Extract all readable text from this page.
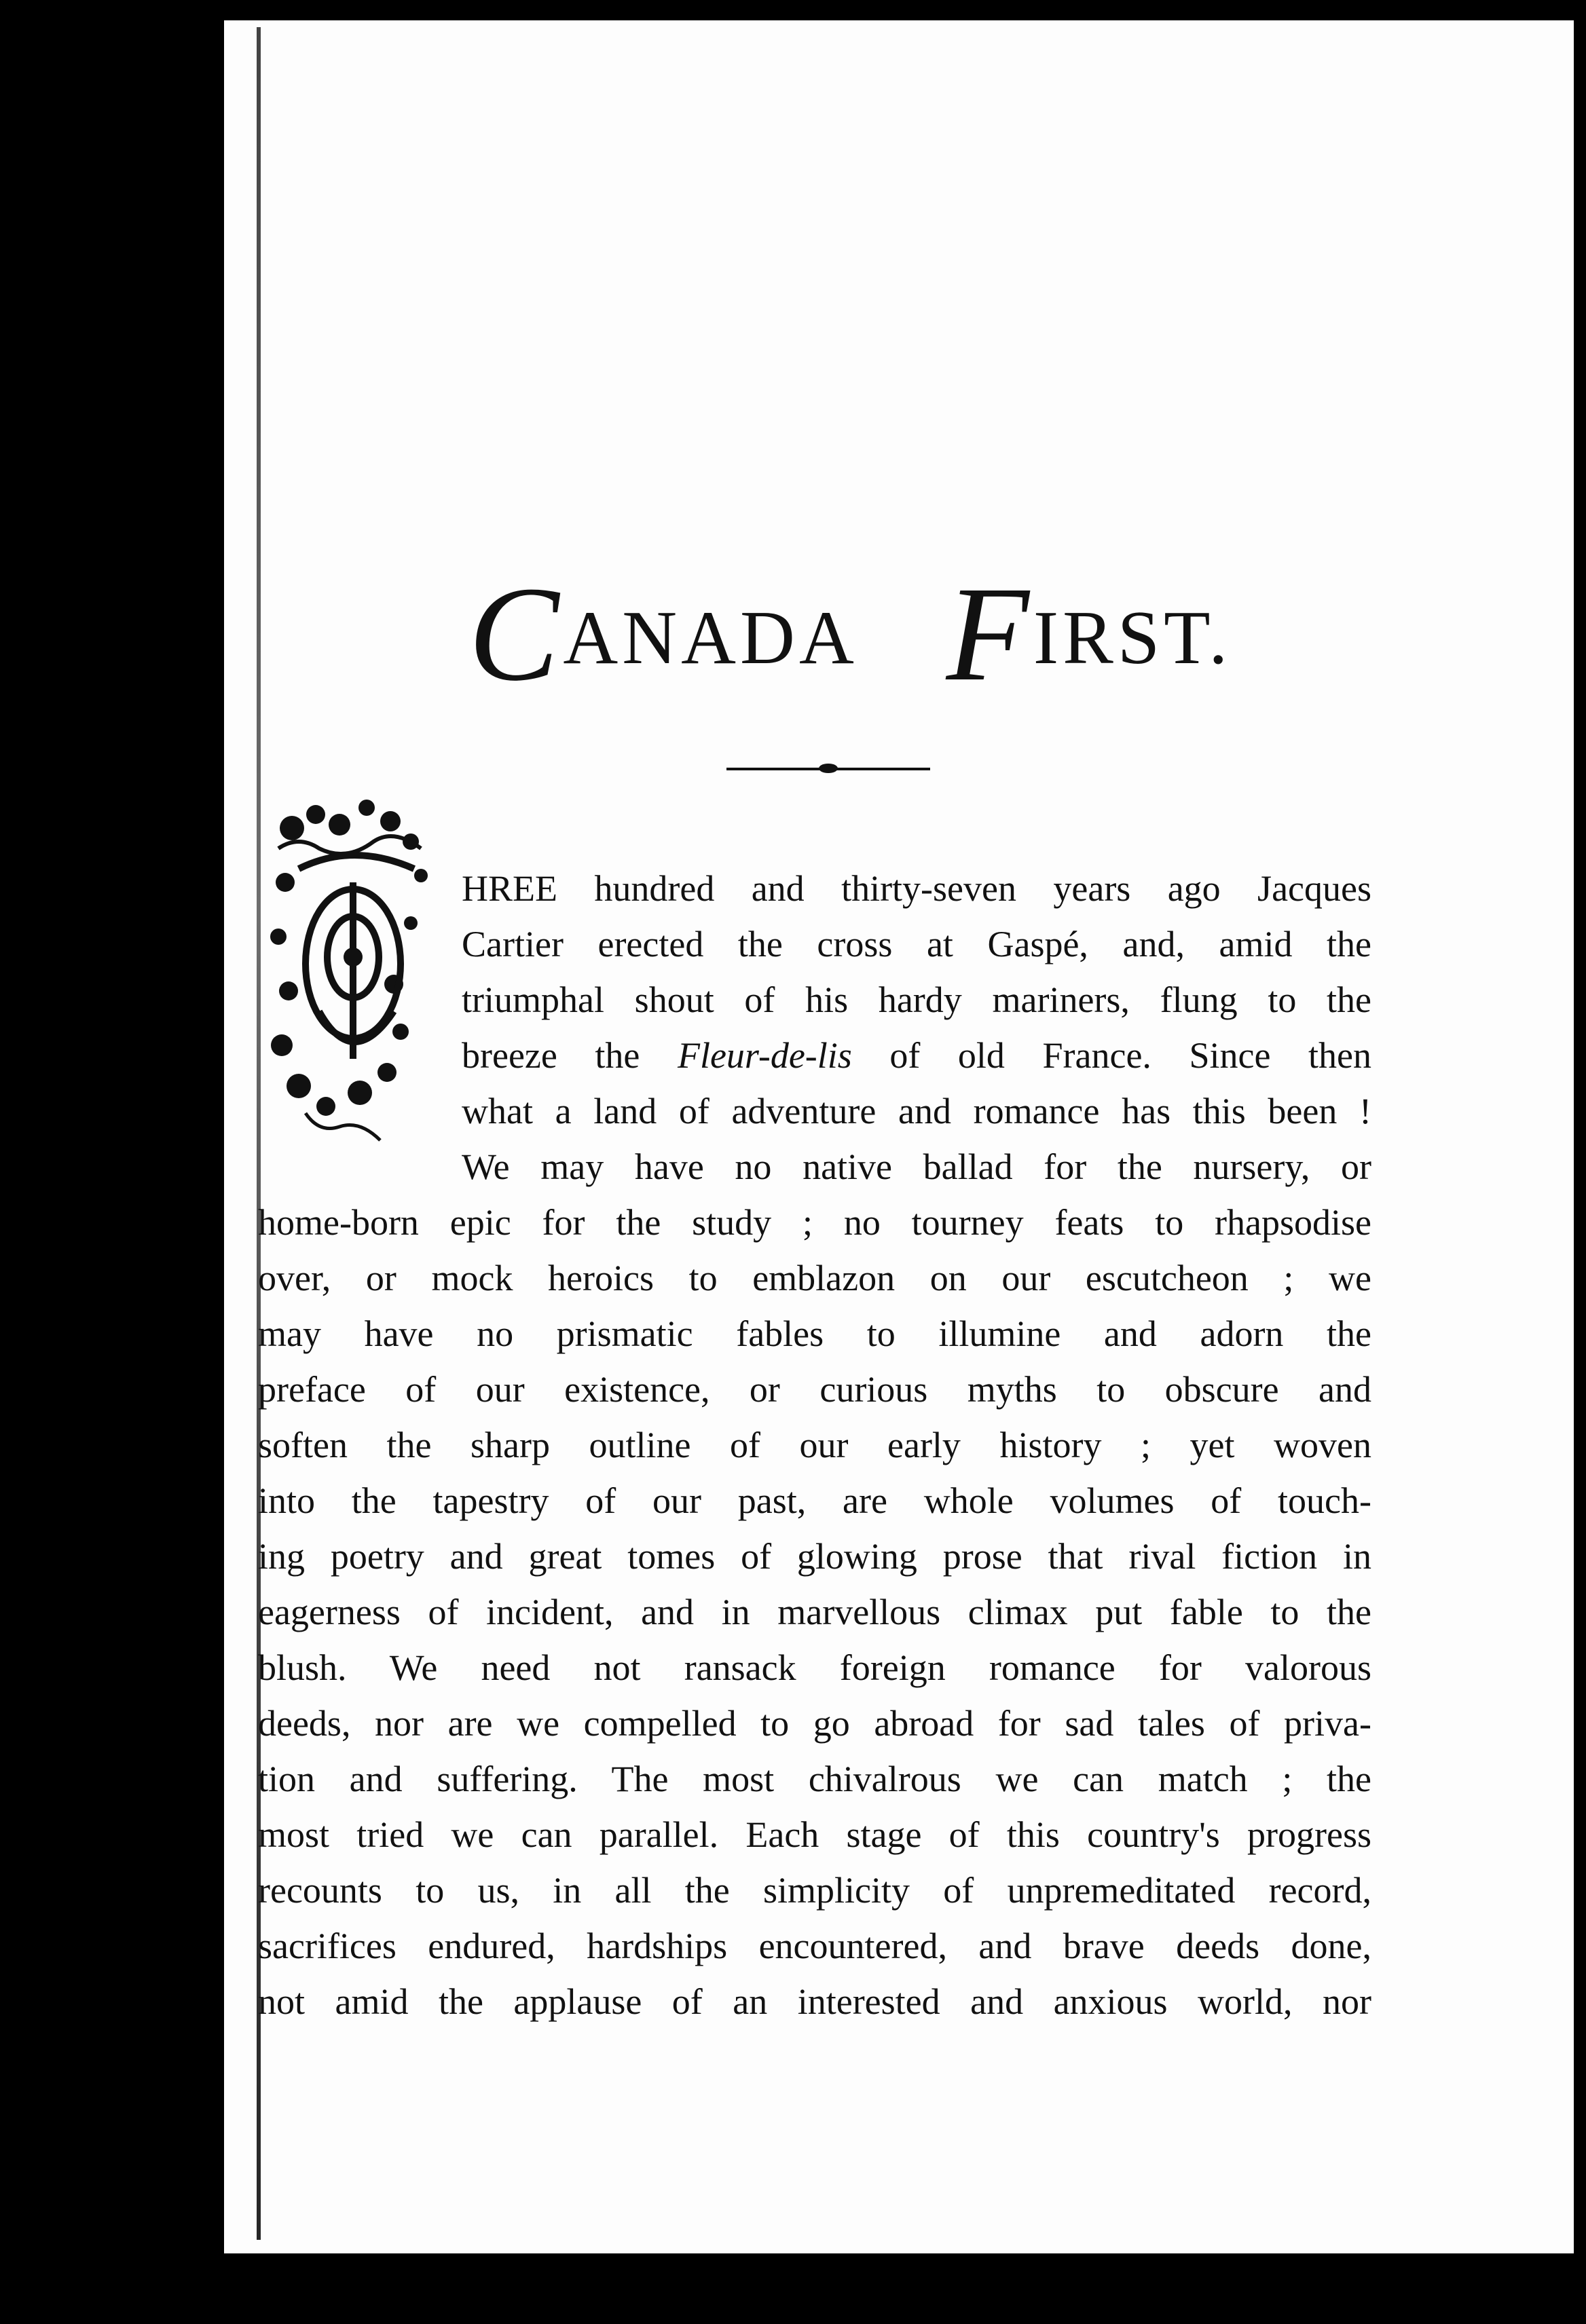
CANADA FIRST.
HREE hundred and thirty-seven years ago Jacques
Cartier erected the cross at Gaspé, and, amid the
triumphal shout of his hardy mariners, flung to the
breeze the Fleur-de-lis of old France. Since then
what a land of adventure and romance has this been !
We may have no native ballad for the nursery, or
home-born epic for the study ; no tourney feats to rhapsodise
over, or mock heroics to emblazon on our escutcheon ; we
may have no prismatic fables to illumine and adorn the
preface of our existence, or curious myths to obscure and
soften the sharp outline of our early history ; yet woven
into the tapestry of our past, are whole volumes of touch-
ing poetry and great tomes of glowing prose that rival fiction in
eagerness of incident, and in marvellous climax put fable to the
blush. We need not ransack foreign romance for valorous
deeds, nor are we compelled to go abroad for sad tales of priva-
tion and suffering. The most chivalrous we can match ; the
most tried we can parallel. Each stage of this country's progress
recounts to us, in all the simplicity of unpremeditated record,
sacrifices endured, hardships encountered, and brave deeds done,
not amid the applause of an interested and anxious world, nor
